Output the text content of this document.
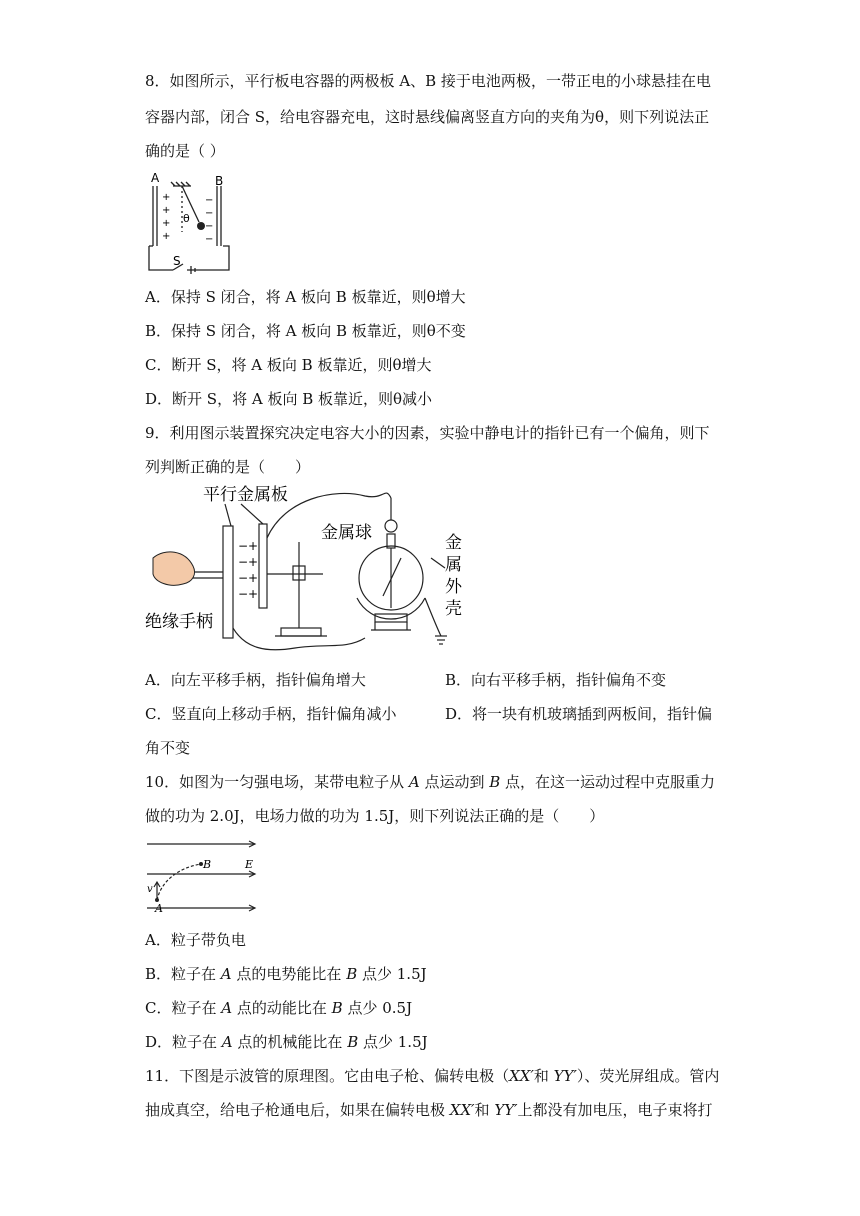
8．如图所示，平行板电容器的两极板 A、B 接于电池两极，一带正电的小球悬挂在电
容器内部，闭合 S，给电容器充电，这时悬线偏离竖直方向的夹角为θ，则下列说法正
确的是（ ）
A	B
S
θ
+
+
+
+
−
−
−
−
A．保持 S 闭合，将 A 板向 B 板靠近，则θ增大
B．保持 S 闭合，将 A 板向 B 板靠近，则θ不变
C．断开 S，将 A 板向 B 板靠近，则θ增大
D．断开 S，将 A 板向 B 板靠近，则θ减小
9．利用图示装置探究决定电容大小的因素，实验中静电计的指针已有一个偏角，则下
列判断正确的是（　　）
平行金属板
金属球	金
属
外
壳
绝缘手柄
−
−
−
−
+
+
+
+
A．向左平移手柄，指针偏角增大	B．向右平移手柄，指针偏角不变
C．竖直向上移动手柄，指针偏角减小	D．将一块有机玻璃插到两板间，指针偏
角不变
10．如图为一匀强电场，某带电粒子从 A 点运动到 B 点，在这一运动过程中克服重力
做的功为 2.0J，电场力做的功为 1.5J，则下列说法正确的是（　　）
E
B
A
v
A．粒子带负电
B．粒子在 A 点的电势能比在 B 点少 1.5J
C．粒子在 A 点的动能比在 B 点少 0.5J
D．粒子在 A 点的机械能比在 B 点少 1.5J
11．下图是示波管的原理图。它由电子枪、偏转电极（XX′和 YY′）、荧光屏组成。管内
抽成真空，给电子枪通电后，如果在偏转电极 XX′和 YY′上都没有加电压，电子束将打
